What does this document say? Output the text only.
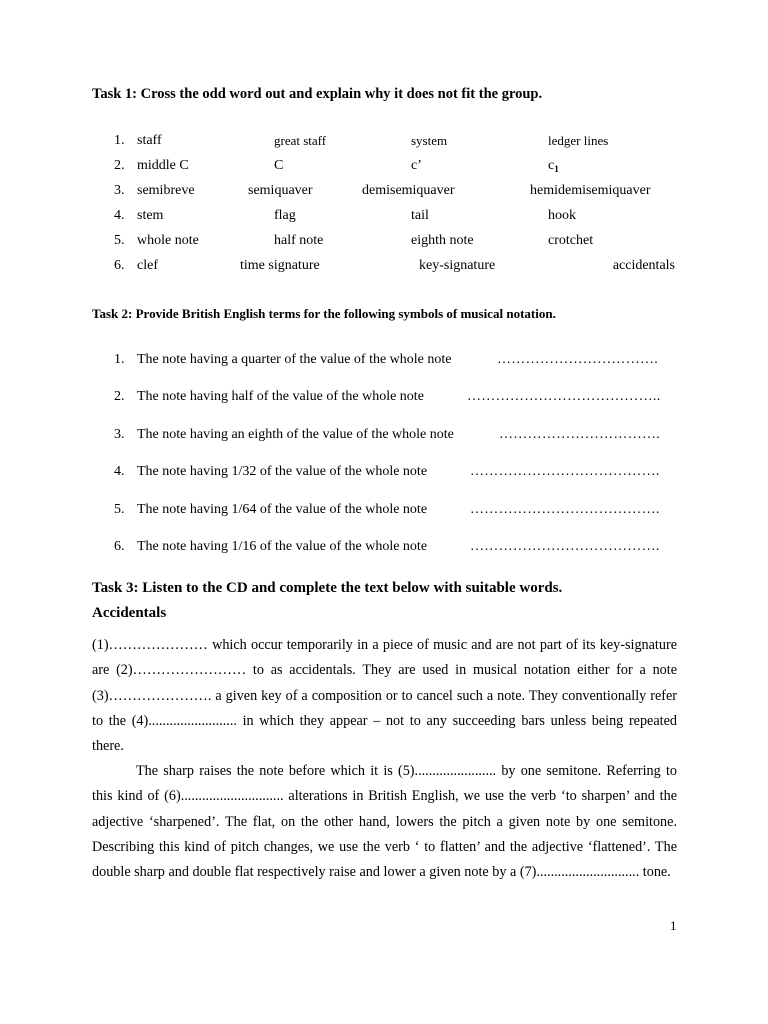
Task 1: Cross the odd word out and explain why it does not fit the group.

1. staff	great staff	system	ledger lines
2. middle C	C	c’	$c_1$
3. semibreve	semiquaver	demisemiquaver	hemidemisemiquaver
4. stem	flag	tail	hook
5. whole note	half note	eighth note	crotchet
6. clef	time signature	key-signature	accidentals

Task 2: Provide British English terms for the following symbols of musical notation.

1. The note having a quarter of the value of the whole note	…………………………….
2. The note having half of the value of the whole note	…………………………………..
3. The note having an eighth of the value of the whole note	…………………………….
4. The note having 1/32 of the value of the whole note	………………………………….
5. The note having 1/64 of the value of the whole note	………………………………….
6. The note having 1/16 of the value of the whole note	………………………………….

Task 3: Listen to the CD and complete the text below with suitable words.

Accidentals

(1)………………… which occur temporarily in a piece of music and are not part of its key-signature are (2)…………………… to as accidentals. They are used in musical notation either for a note (3)…………………. a given key of a composition or to cancel such a note. They conventionally refer to the (4)......................... in which they appear – not to any succeeding bars unless being repeated there.

The sharp raises the note before which it is (5)....................... by one semitone. Referring to this kind of (6)............................. alterations in British English, we use the verb ‘to sharpen’ and the adjective ‘sharpened’. The flat, on the other hand, lowers the pitch a given note by one semitone. Describing this kind of pitch changes, we use the verb ‘ to flatten’ and the adjective ‘flattened’. The double sharp and double flat respectively raise and lower a given note by a (7)............................. tone.

1
